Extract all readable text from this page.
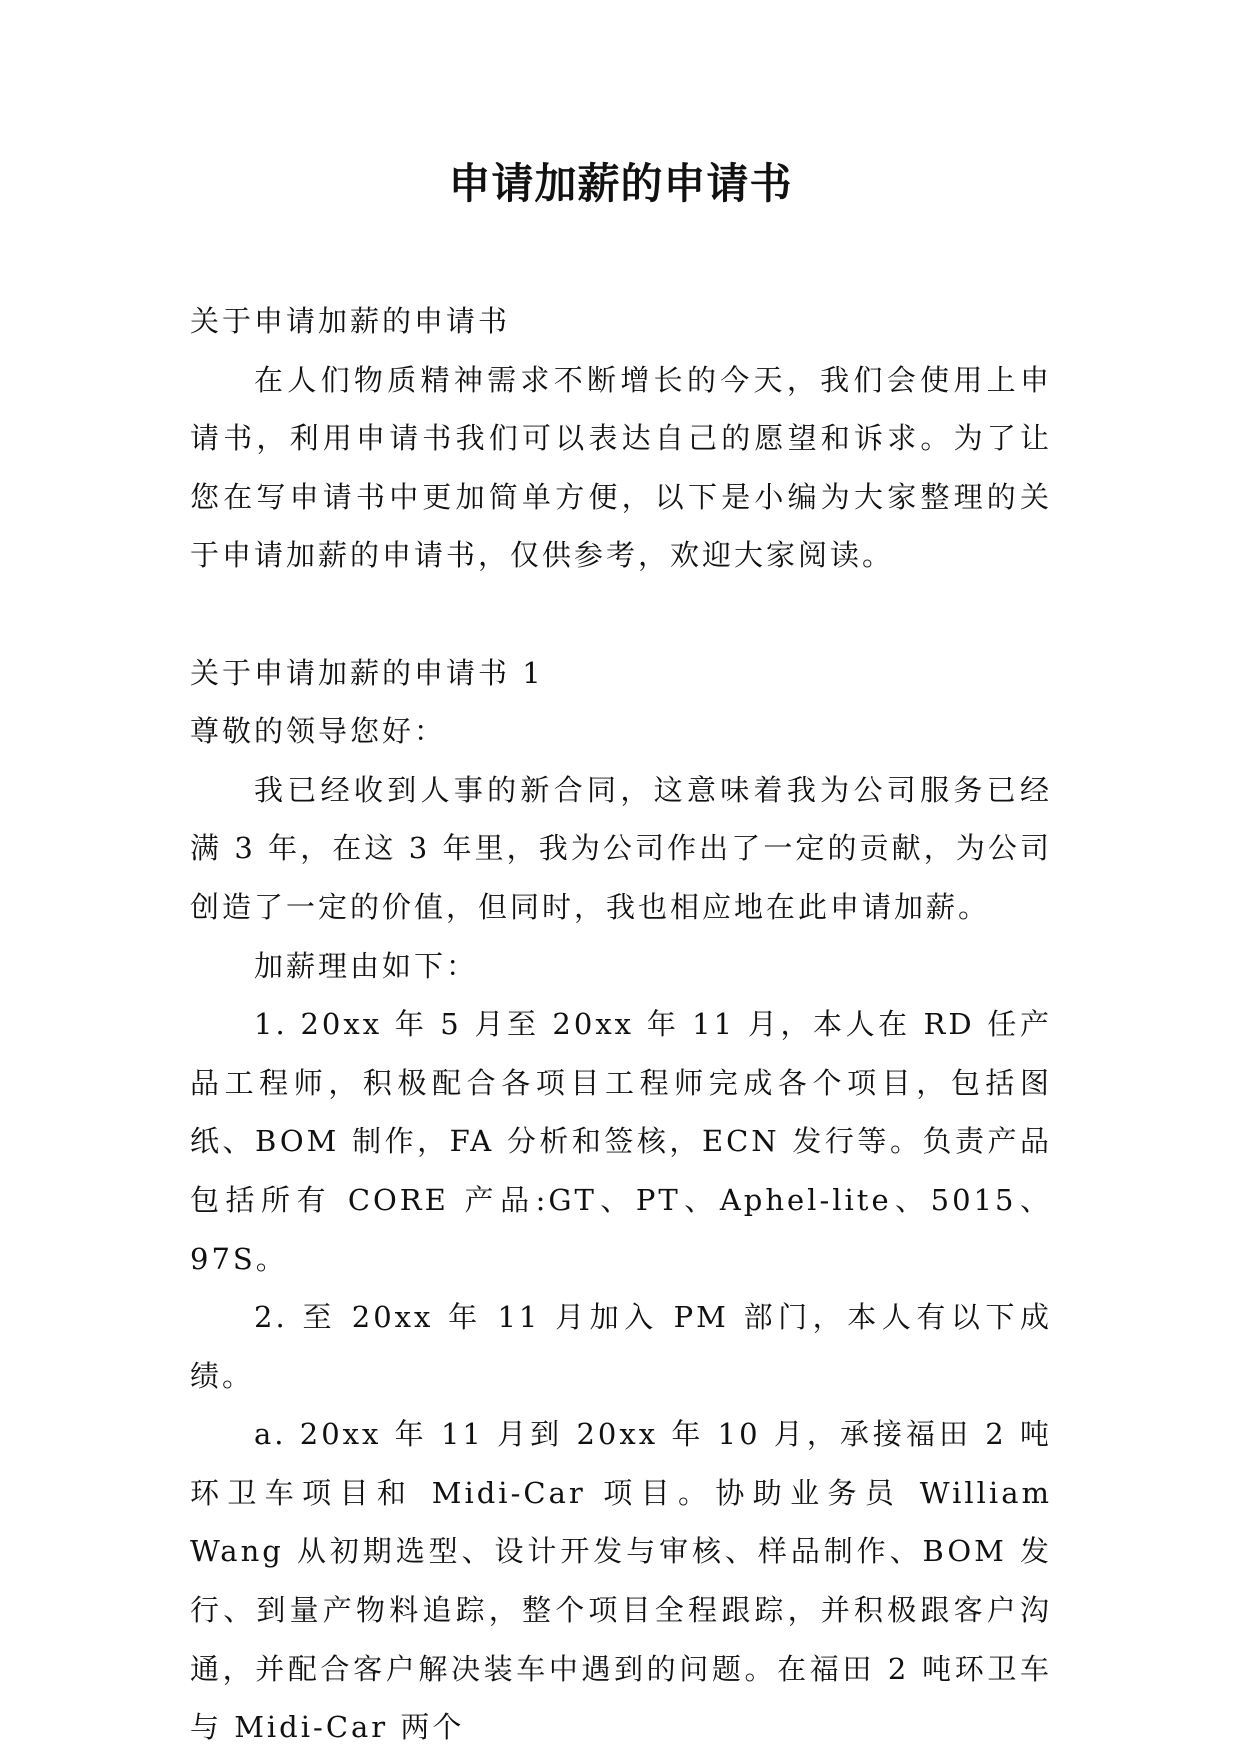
申请加薪的申请书

关于申请加薪的申请书

在人们物质精神需求不断增长的今天，我们会使用上申请书，利用申请书我们可以表达自己的愿望和诉求。为了让您在写申请书中更加简单方便，以下是小编为大家整理的关于申请加薪的申请书，仅供参考，欢迎大家阅读。

关于申请加薪的申请书 1

尊敬的领导您好：

我已经收到人事的新合同，这意味着我为公司服务已经满 3 年，在这 3 年里，我为公司作出了一定的贡献，为公司创造了一定的价值，但同时，我也相应地在此申请加薪。

加薪理由如下：

1. 20xx 年 5 月至 20xx 年 11 月，本人在 RD 任产品工程师，积极配合各项目工程师完成各个项目，包括图纸、BOM 制作，FA 分析和签核，ECN 发行等。负责产品包括所有 CORE 产品:GT、PT、Aphel-lite、5015、97S。

2. 至 20xx 年 11 月加入 PM 部门，本人有以下成绩。

a. 20xx 年 11 月到 20xx 年 10 月，承接福田 2 吨环卫车项目和 Midi-Car 项目。协助业务员 William Wang 从初期选型、设计开发与审核、样品制作、BOM 发行、到量产物料追踪，整个项目全程跟踪，并积极跟客户沟通，并配合客户解决装车中遇到的问题。在福田 2 吨环卫车与 Midi-Car 两个
